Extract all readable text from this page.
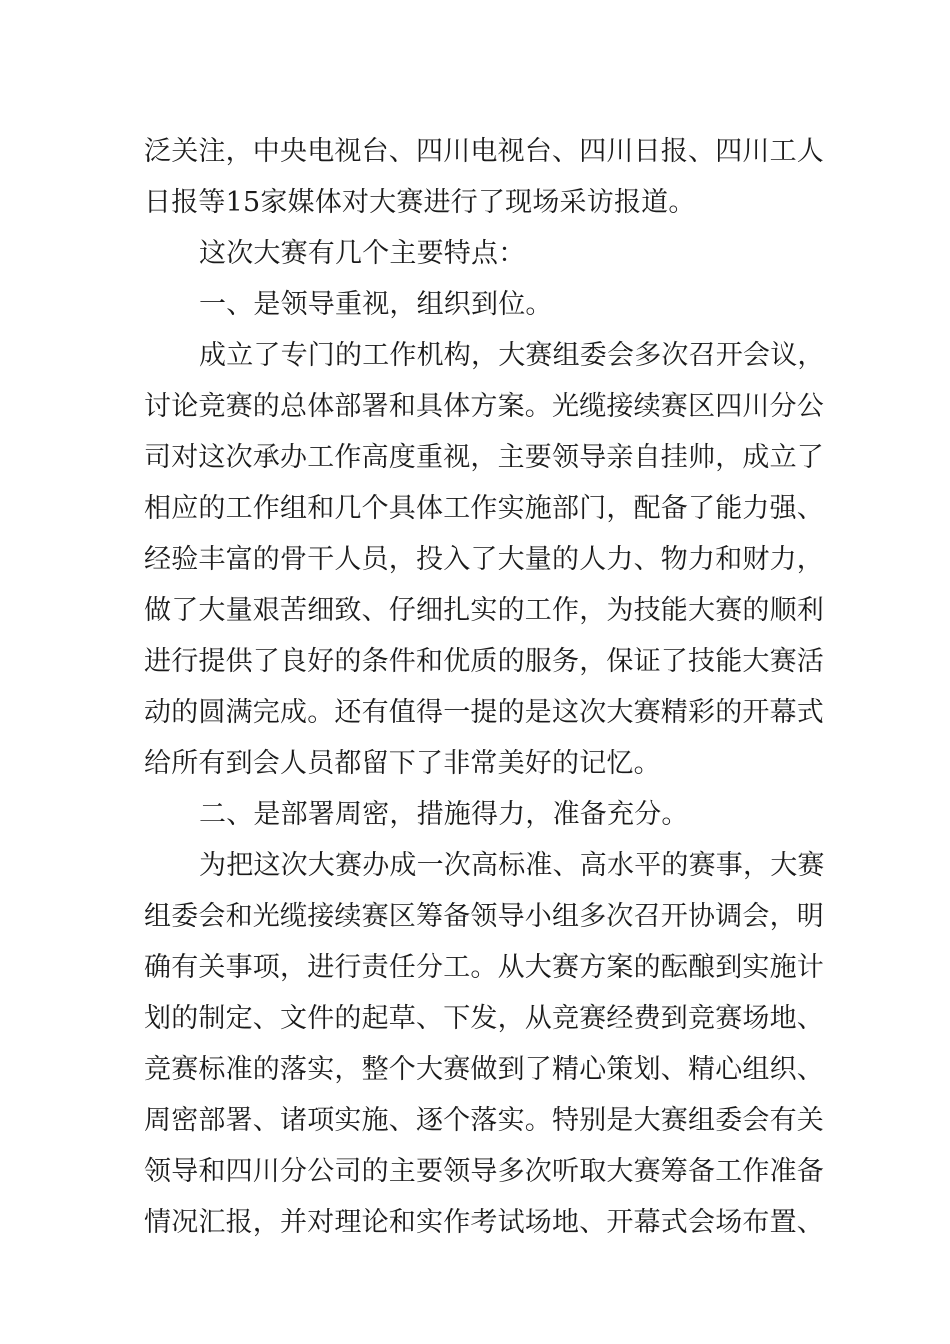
泛关注，中央电视台、四川电视台、四川日报、四川工人
日报等15家媒体对大赛进行了现场采访报道。
这次大赛有几个主要特点：
一、是领导重视，组织到位。
成立了专门的工作机构，大赛组委会多次召开会议，
讨论竞赛的总体部署和具体方案。光缆接续赛区四川分公
司对这次承办工作高度重视，主要领导亲自挂帅，成立了
相应的工作组和几个具体工作实施部门，配备了能力强、
经验丰富的骨干人员，投入了大量的人力、物力和财力，
做了大量艰苦细致、仔细扎实的工作，为技能大赛的顺利
进行提供了良好的条件和优质的服务，保证了技能大赛活
动的圆满完成。还有值得一提的是这次大赛精彩的开幕式
给所有到会人员都留下了非常美好的记忆。
二、是部署周密，措施得力，准备充分。
为把这次大赛办成一次高标准、高水平的赛事，大赛
组委会和光缆接续赛区筹备领导小组多次召开协调会，明
确有关事项，进行责任分工。从大赛方案的酝酿到实施计
划的制定、文件的起草、下发，从竞赛经费到竞赛场地、
竞赛标准的落实，整个大赛做到了精心策划、精心组织、
周密部署、诸项实施、逐个落实。特别是大赛组委会有关
领导和四川分公司的主要领导多次听取大赛筹备工作准备
情况汇报，并对理论和实作考试场地、开幕式会场布置、
